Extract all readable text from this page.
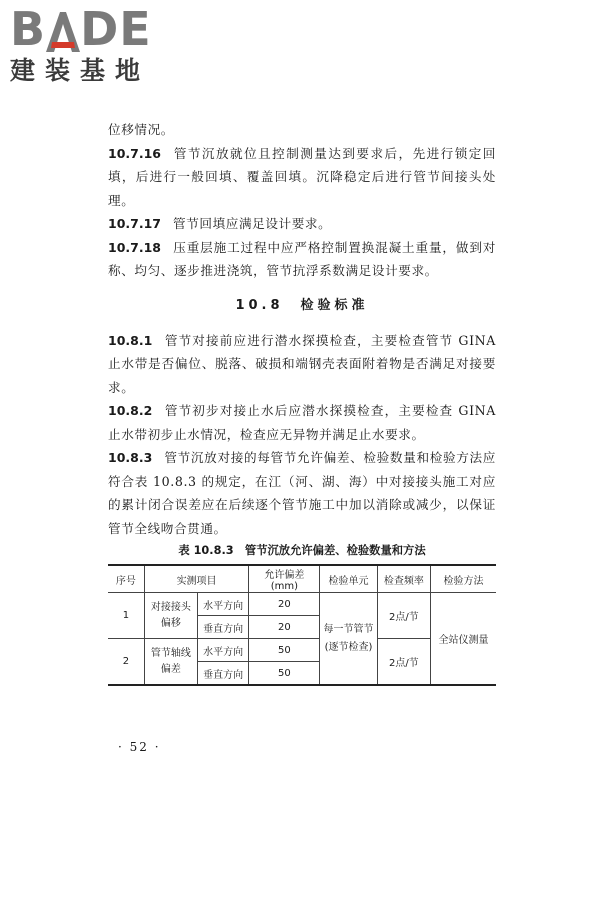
B DE
建装基地

位移情况。

10.7.16 管节沉放就位且控制测量达到要求后，先进行锁定回填，后进行一般回填、覆盖回填。沉降稳定后进行管节间接头处理。

10.7.17 管节回填应满足设计要求。

10.7.18 压重层施工过程中应严格控制置换混凝土重量，做到对称、均匀、逐步推进浇筑，管节抗浮系数满足设计要求。

10.8　检验标准

10.8.1 管节对接前应进行潜水探摸检查，主要检查管节 GINA 止水带是否偏位、脱落、破损和端钢壳表面附着物是否满足对接要求。

10.8.2 管节初步对接止水后应潜水探摸检查，主要检查 GINA 止水带初步止水情况，检查应无异物并满足止水要求。

10.8.3 管节沉放对接的每管节允许偏差、检验数量和检验方法应符合表 10.8.3 的规定，在江（河、湖、海）中对接接头施工对应的累计闭合误差应在后续逐个管节施工中加以消除或减少，以保证管节全线吻合贯通。

表 10.8.3　管节沉放允许偏差、检验数量和方法
序号	实测项目		允许偏差(mm)	检验单元	检查频率	检验方法
1	对接接头偏移	水平方向	20	每一节管节(逐节检查)	2点/节	全站仪测量
		垂直方向	20			
2	管节轴线偏差	水平方向	50		2点/节	
		垂直方向	50			
· 52 ·
